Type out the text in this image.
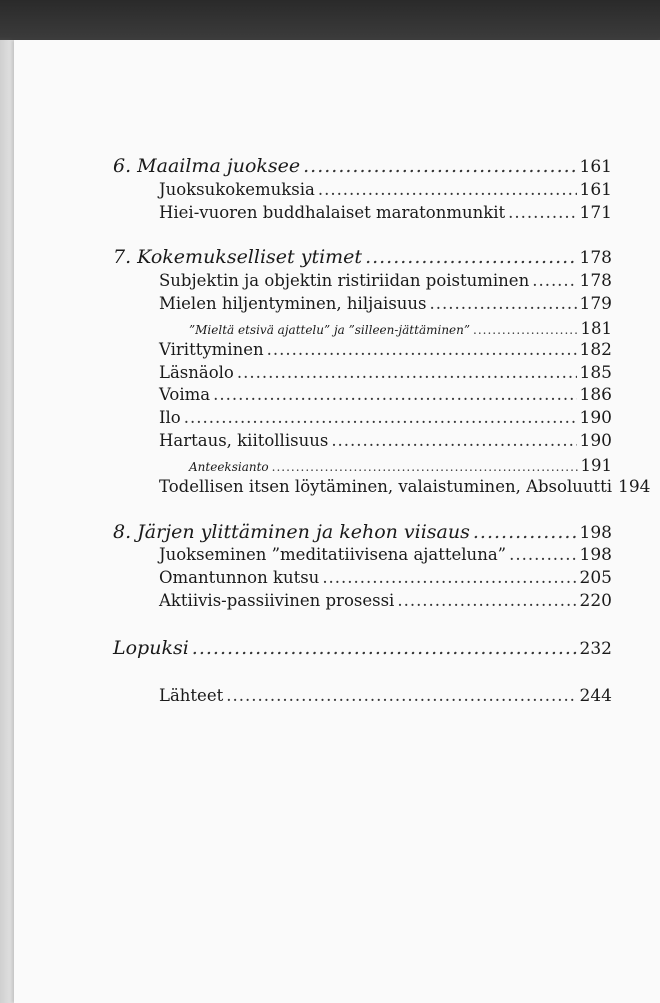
6. Maailma juoksee .....	161
Juoksukokemuksia .....	161
Hiei-vuoren buddhalaiset maratonmunkit .....	171
7. Kokemukselliset ytimet .....	178
Subjektin ja objektin ristiriidan poistuminen .....	178
Mielen hiljentyminen, hiljaisuus .....	179
”Mieltä etsivä ajattelu” ja ”silleen-jättäminen” .....	181
Virittyminen .....	182
Läsnäolo .....	185
Voima .....	186
Ilo .....	190
Hartaus, kiitollisuus .....	190
Anteeksianto .....	191
Todellisen itsen löytäminen, valaistuminen, Absoluutti 194
8. Järjen ylittäminen ja kehon viisaus .....	198
Juokseminen ”meditatiivisena ajatteluna” .....	198
Omantunnon kutsu .....	205
Aktiivis-passiivinen prosessi .....	220
Lopuksi .....	232
Lähteet .....	244
